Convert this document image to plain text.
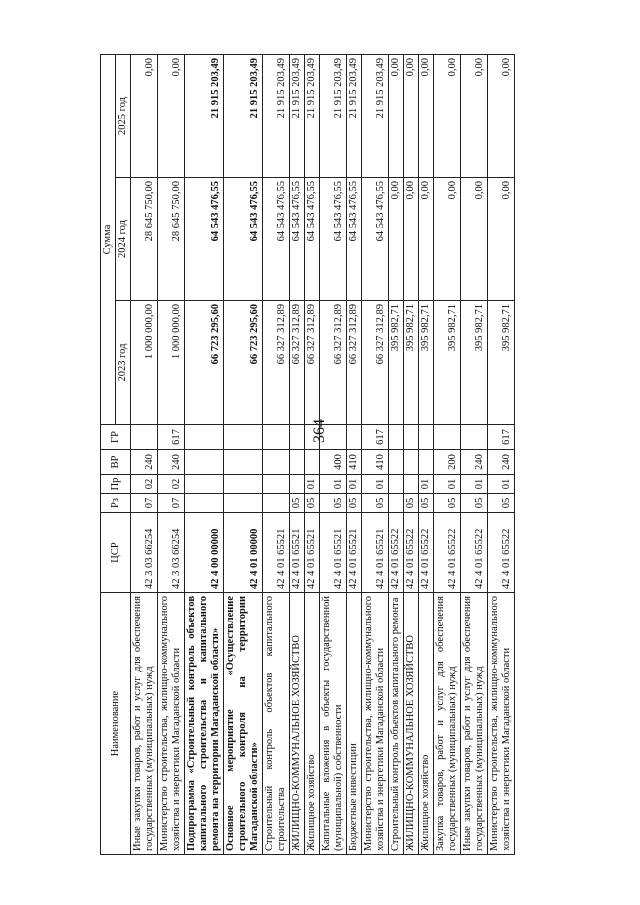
364
Наименование	ЦСР	Рз	Пр	ВР	ГР	Сумма		
						2023 год	2024 год	2025 год
Иные закупки товаров, работ и услуг для обеспечения государственных (муниципальных) нужд	42 3 03 66254	07	02	240		1 000 000,00	28 645 750,00	0,00
Министерство строительства, жилищно-коммунального хозяйства и энергетики Магаданской области	42 3 03 66254	07	02	240	617	1 000 000,00	28 645 750,00	0,00
Подпрограмма «Строительный контроль объектов капитального строительства и капитального ремонта на территории Магаданской области»	42 4 00 00000					66 723 295,60	64 543 476,55	21 915 203,49
Основное мероприятие «Осуществление строительного контроля на территории Магаданской области»	42 4 01 00000					66 723 295,60	64 543 476,55	21 915 203,49
Строительный контроль объектов капитального строительства	42 4 01 65521					66 327 312,89	64 543 476,55	21 915 203,49
ЖИЛИЩНО-КОММУНАЛЬНОЕ ХОЗЯЙСТВО	42 4 01 65521	05				66 327 312,89	64 543 476,55	21 915 203,49
Жилищное хозяйство	42 4 01 65521	05	01			66 327 312,89	64 543 476,55	21 915 203,49
Капитальные вложения в объекты государственной (муниципальной) собственности	42 4 01 65521	05	01	400		66 327 312,89	64 543 476,55	21 915 203,49
Бюджетные инвестиции	42 4 01 65521	05	01	410		66 327 312,89	64 543 476,55	21 915 203,49
Министерство строительства, жилищно-коммунального хозяйства и энергетики Магаданской области	42 4 01 65521	05	01	410	617	66 327 312,89	64 543 476,55	21 915 203,49
Строительный контроль объектов капитального ремонта	42 4 01 65522					395 982,71	0,00	0,00
ЖИЛИЩНО-КОММУНАЛЬНОЕ ХОЗЯЙСТВО	42 4 01 65522	05				395 982,71	0,00	0,00
Жилищное хозяйство	42 4 01 65522	05	01			395 982,71	0,00	0,00
Закупка товаров, работ и услуг для обеспечения государственных (муниципальных) нужд	42 4 01 65522	05	01	200		395 982,71	0,00	0,00
Иные закупки товаров, работ и услуг для обеспечения государственных (муниципальных) нужд	42 4 01 65522	05	01	240		395 982,71	0,00	0,00
Министерство строительства, жилищно-коммунального хозяйства и энергетики Магаданской области	42 4 01 65522	05	01	240	617	395 982,71	0,00	0,00
